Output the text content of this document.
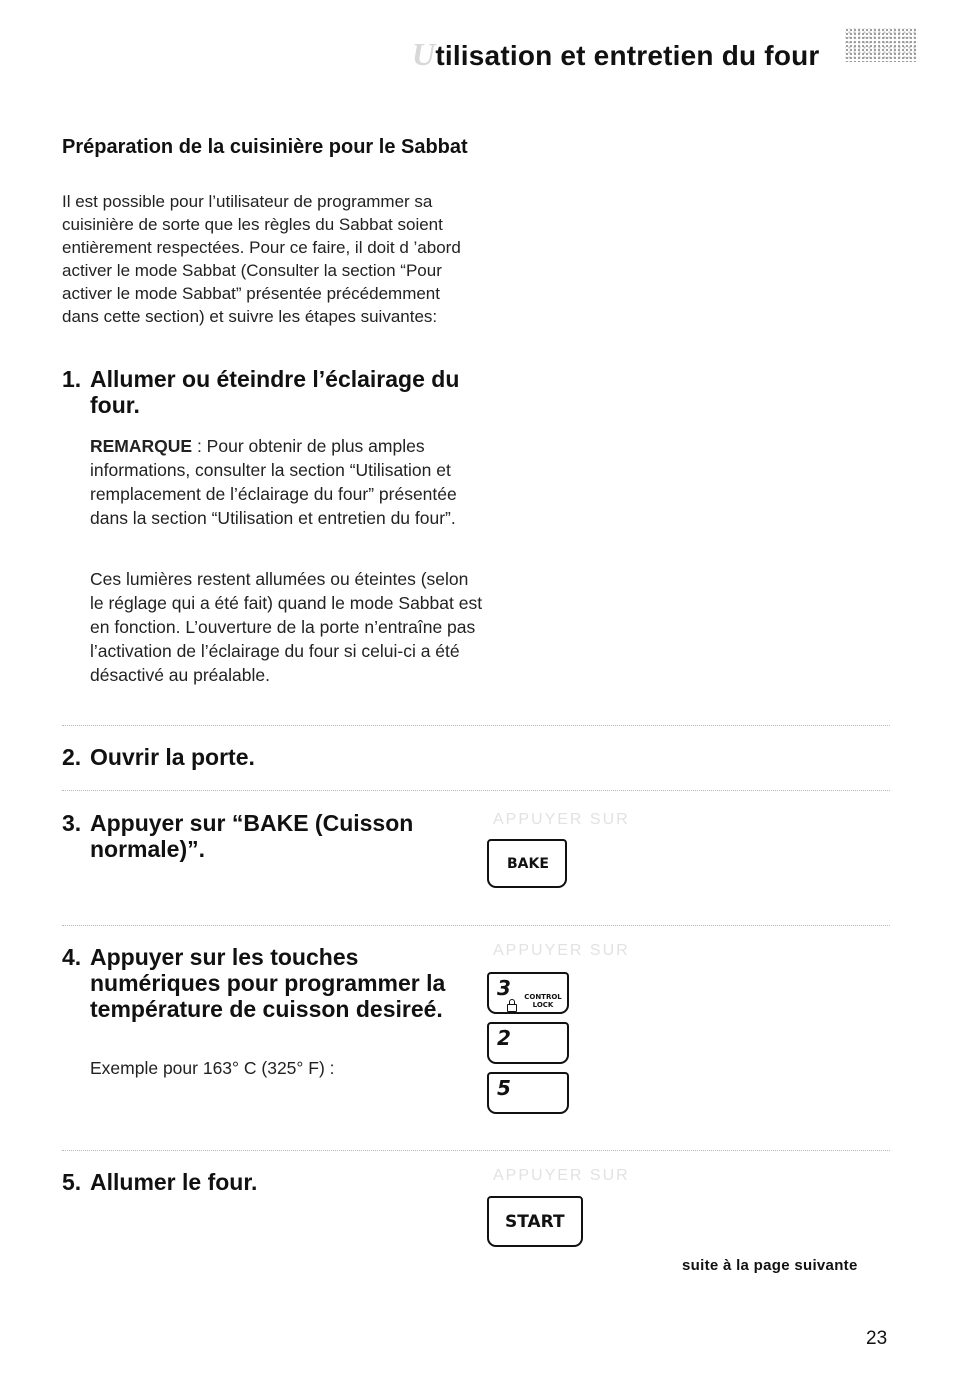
Utilisation et entretien du four
Préparation de la cuisinière pour le Sabbat
Il est possible pour l’utilisateur de programmer sa cuisinière de sorte que les règles du Sabbat soient entièrement respectées. Pour ce faire, il doit d ’abord activer le mode Sabbat (Consulter la section “Pour activer le mode Sabbat” présentée précédemment dans cette section) et suivre les étapes suivantes:
1. Allumer ou éteindre l’éclairage du four.
REMARQUE : Pour obtenir de plus amples informations, consulter la section “Utilisation et remplacement de l’éclairage du four” présentée dans la section “Utilisation et entretien du four”.
Ces lumières restent allumées ou éteintes (selon le réglage qui a été fait) quand le mode Sabbat est en fonction. L’ouverture de la porte n’entraîne pas l’activation de l’éclairage du four si celui-ci a été désactivé au préalable.
2. Ouvrir la porte.
3. Appuyer sur “BAKE (Cuisson normale)”.
APPUYER SUR
BAKE
4. Appuyer sur les touches numériques pour programmer la température de cuisson desireé.
Exemple pour 163° C (325° F) :
APPUYER SUR
3	CONTROL
LOCK
2
5
5. Allumer le four.	APPUYER SUR
START
suite à la page suivante
23
